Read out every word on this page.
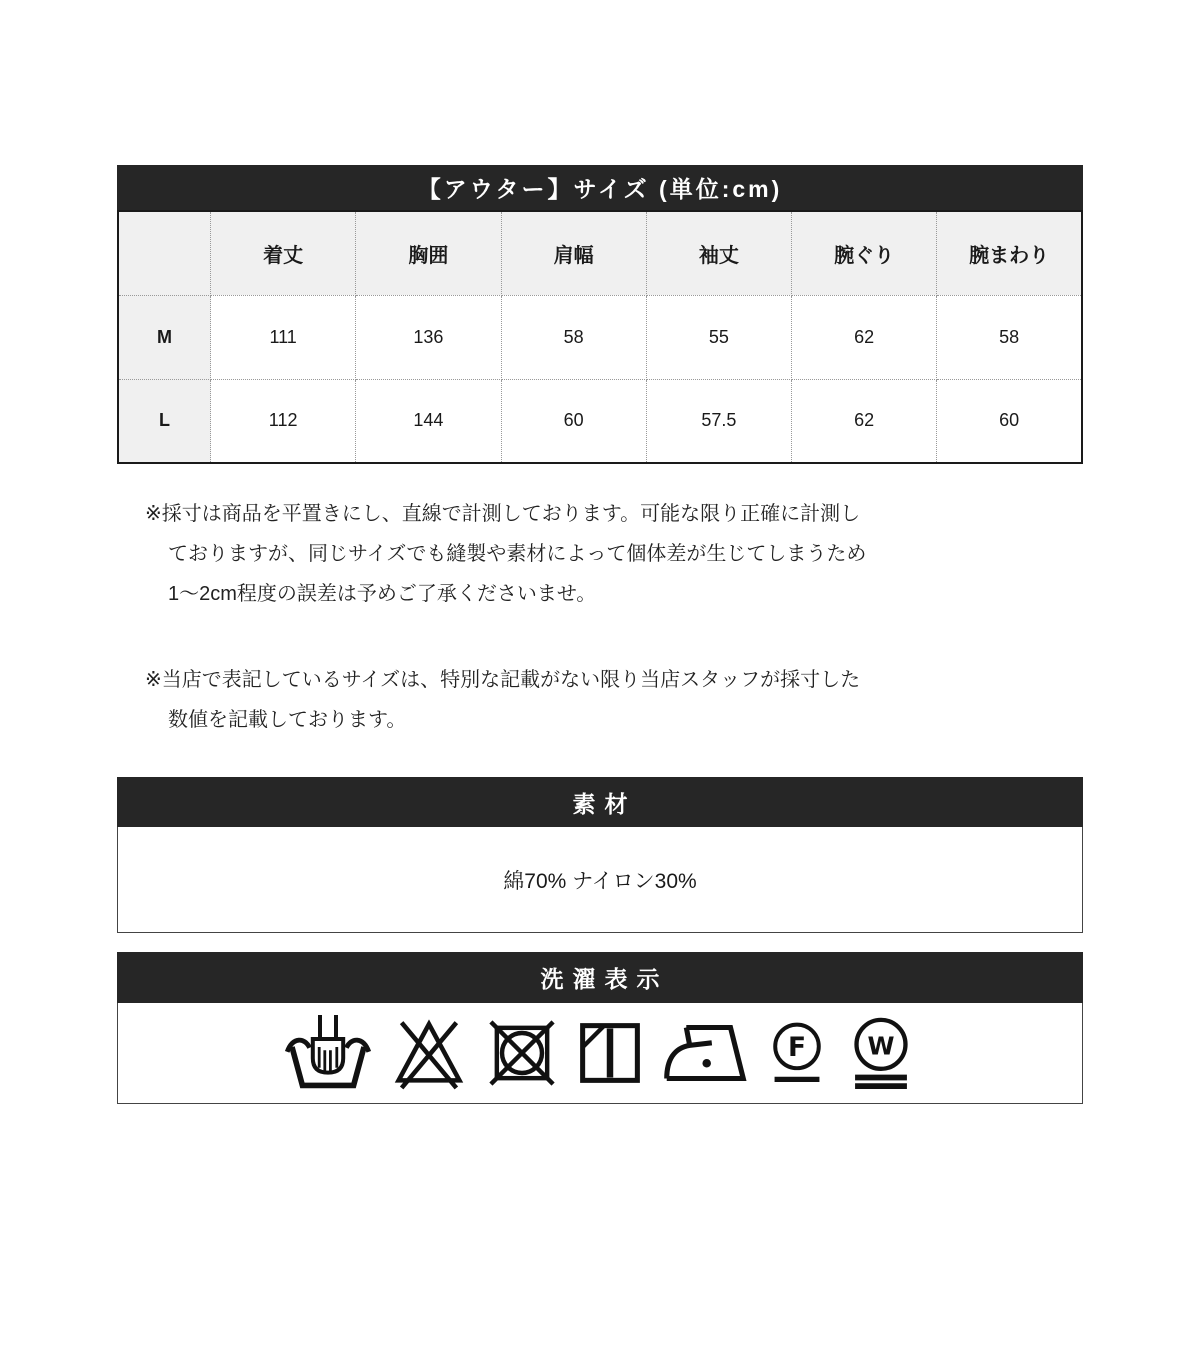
【アウター】サイズ (単位:cm)
	着丈	胸囲	肩幅	袖丈	腕ぐり	腕まわり
M	111	136	58	55	62	58
L	112	144	60	57.5	62	60

※採寸は商品を平置きにし、直線で計測しております。可能な限り正確に計測し
ておりますが、同じサイズでも縫製や素材によって個体差が生じてしまうため
1〜2cm程度の誤差は予めご了承くださいませ。

※当店で表記しているサイズは、特別な記載がない限り当店スタッフが採寸した
数値を記載しております。

素材
綿70% ナイロン30%
洗濯表示
F W
